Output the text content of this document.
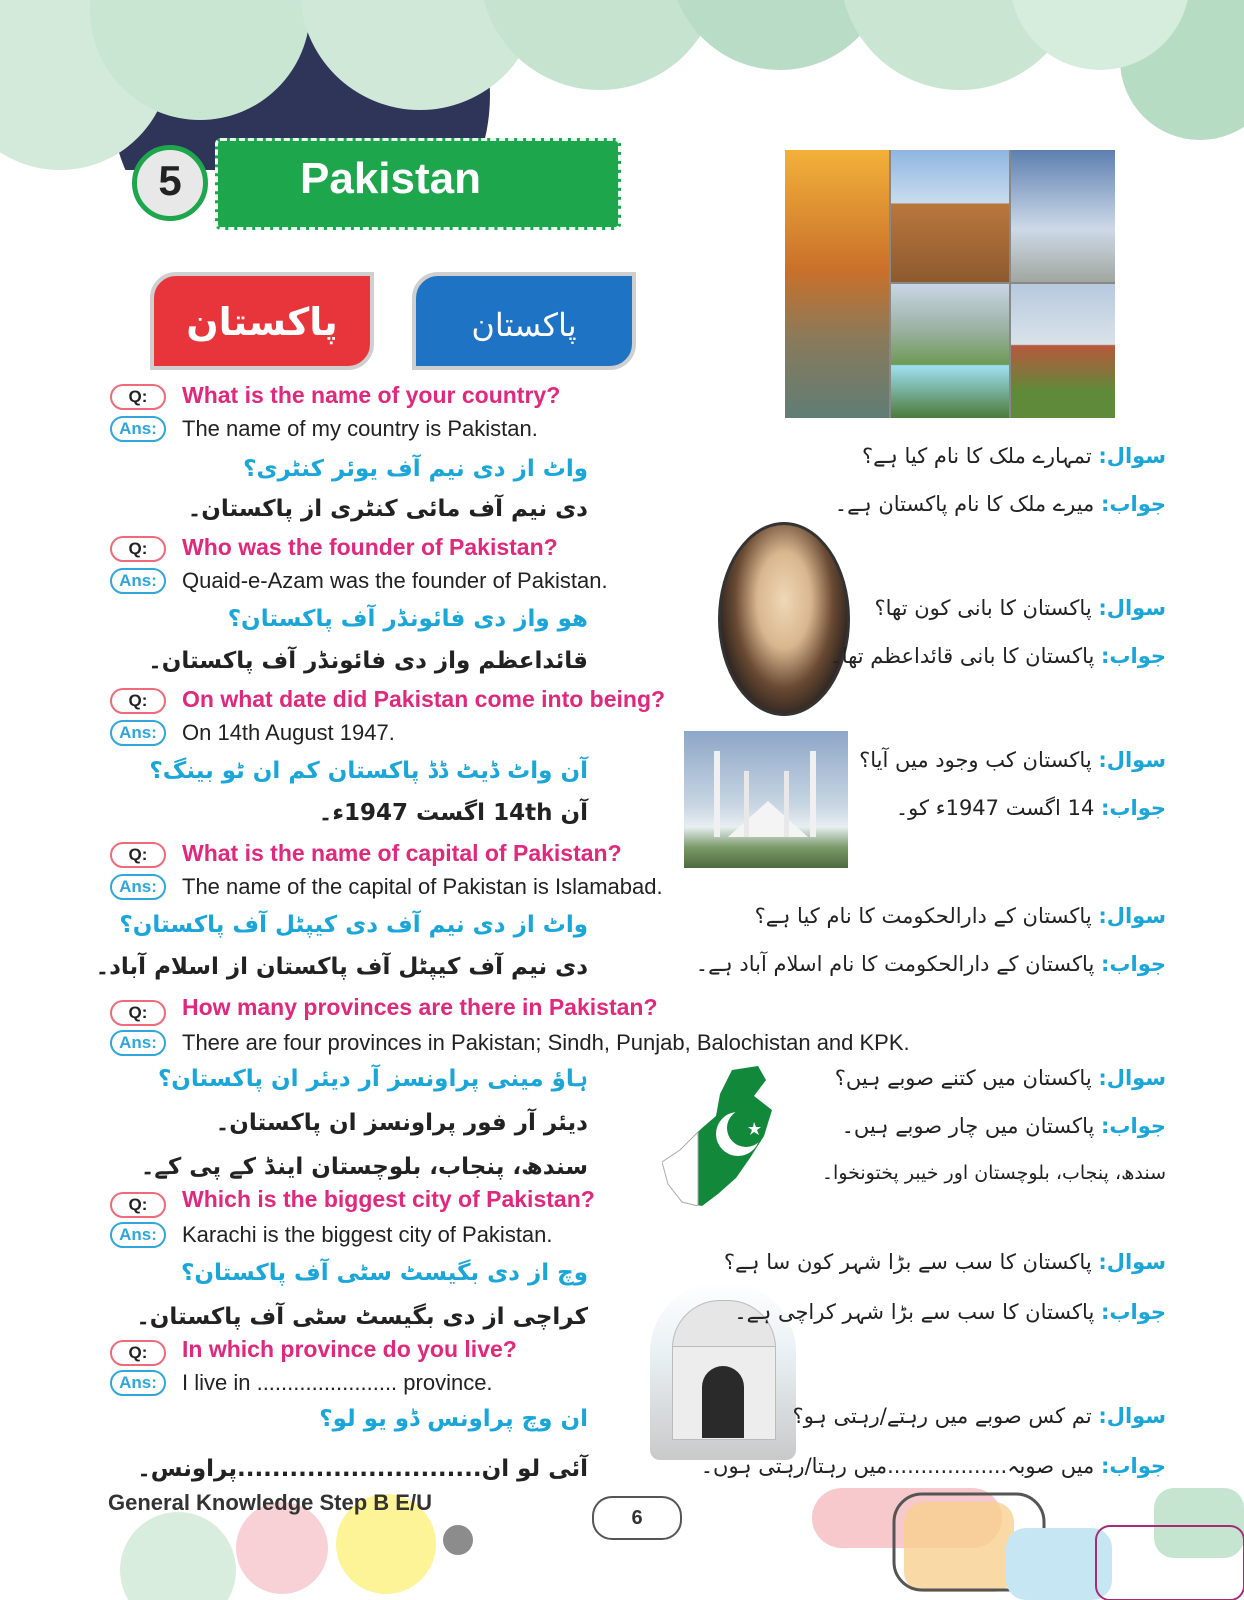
Pakistan
5
پاکستان	پاکستان
Q:	What is the name of your country?
Ans:	The name of my country is Pakistan.
واٹ از دی نیم آف یوئر کنٹری؟
دی نیم آف مائی کنٹری از پاکستان۔
سوال: تمہارے ملک کا نام کیا ہے؟
جواب: میرے ملک کا نام پاکستان ہے۔
Q:	Who was the founder of Pakistan?
Ans:	Quaid-e-Azam was the founder of Pakistan.
هو واز دی فائونڈر آف پاکستان؟
قائداعظم واز دی فائونڈر آف پاکستان۔
سوال: پاکستان کا بانی کون تھا؟
جواب: پاکستان کا بانی قائداعظم تھا۔
Q:	On what date did Pakistan come into being?
Ans:	On 14th August 1947.
آن واٹ ڈیٹ ڈڈ پاکستان کم ان ٹو بینگ؟
آن 14th اگست 1947ء۔
سوال: پاکستان کب وجود میں آیا؟
جواب: 14 اگست 1947ء کو۔
Q:	What is the name of capital of Pakistan?
Ans:	The name of the capital of Pakistan is Islamabad.
واٹ از دی نیم آف دی کیپٹل آف پاکستان؟
دی نیم آف کیپٹل آف پاکستان از اسلام آباد۔
سوال: پاکستان کے دارالحکومت کا نام کیا ہے؟
جواب: پاکستان کے دارالحکومت کا نام اسلام آباد ہے۔
Q:	How many provinces are there in Pakistan?
Ans:	There are four provinces in Pakistan; Sindh, Punjab, Balochistan and KPK.
ہاؤ مینی پراونسز آر دیئر ان پاکستان؟
دیئر آر فور پراونسز ان پاکستان۔
سندھ، پنجاب، بلوچستان اینڈ کے پی کے۔
سوال: پاکستان میں کتنے صوبے ہیں؟
جواب: پاکستان میں چار صوبے ہیں۔
سندھ، پنجاب، بلوچستان اور خیبر پختونخوا۔
Q:	Which is the biggest city of Pakistan?
Ans:	Karachi is the biggest city of Pakistan.
وچ از دی بگیسٹ سٹی آف پاکستان؟
کراچی از دی بگیسٹ سٹی آف پاکستان۔
سوال: پاکستان کا سب سے بڑا شہر کون سا ہے؟
جواب: پاکستان کا سب سے بڑا شہر کراچی ہے۔
Q:	In which province do you live?
Ans:	I live in ....................... province.
ان وچ پراونس ڈو یو لو؟
آئی لو ان............................پراونس۔
سوال: تم کس صوبے میں رہتے/رہتی ہو؟
جواب: میں صوبہ..................میں رہتا/رہتی ہوں۔
General Knowledge Step B E/U
6
